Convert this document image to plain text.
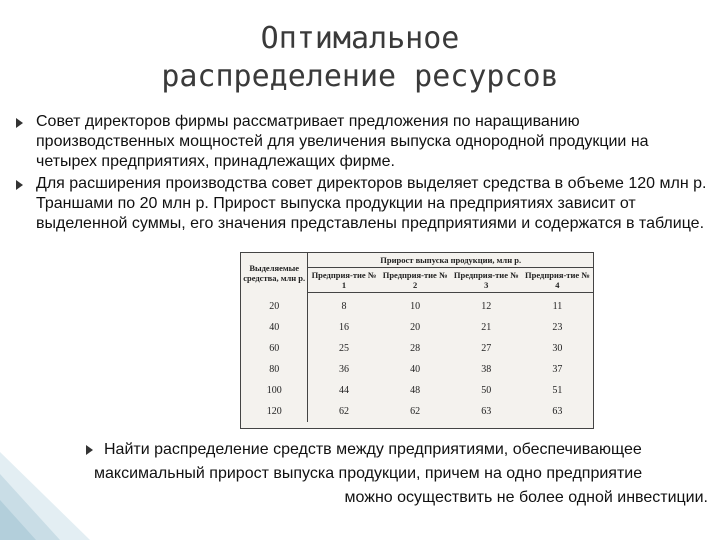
Оптимальное
распределение ресурсов
Совет директоров фирмы рассматривает предложения по наращиванию производственных мощностей для увеличения выпуска однородной продукции на четырех предприятиях, принадлежащих фирме.
Для расширения производства совет директоров выделяет средства в объеме 120 млн р. Траншами по 20 млн р. Прирост выпуска продукции на предприятиях зависит от выделенной суммы, его значения представлены предприятиями и содержатся в таблице.
Выделяемые средства, млн р.	Прирост выпуска продукции, млн р.			
	Предприя-тие № 1	Предприя-тие № 2	Предприя-тие № 3	Предприя-тие № 4
20	8	10	12	11
40	16	20	21	23
60	25	28	27	30
80	36	40	38	37
100	44	48	50	51
120	62	62	63	63
Найти распределение средств между предприятиями, обеспечивающее
максимальный прирост выпуска продукции, причем на одно предприятие
можно осуществить не более одной инвестиции.
